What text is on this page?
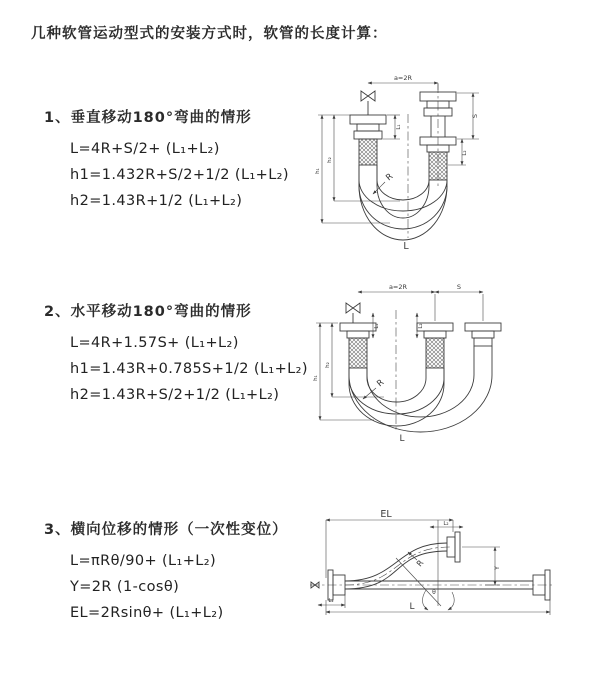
几种软管运动型式的安装方式时，软管的长度计算：
1、垂直移动180°弯曲的情形
L=4R+S/2+ (L₁+L₂)
h1=1.432R+S/2+1/2 (L₁+L₂)
h2=1.43R+1/2 (L₁+L₂)
2、水平移动180°弯曲的情形
L=4R+1.57S+ (L₁+L₂)
h1=1.43R+0.785S+1/2 (L₁+L₂)
h2=1.43R+S/2+1/2 (L₁+L₂)
3、横向位移的情形（一次性变位）
L=πRθ/90+ (L₁+L₂)
Y=2R (1-cosθ)
EL=2Rsinθ+ (L₁+L₂)
a=2R
S
L₂
L₁
h₁
h₂
R
L
a=2R	S
L₁	L₂
h₁
h₂
R
L
EL
L₂
Y
L₁
L
R
θ
